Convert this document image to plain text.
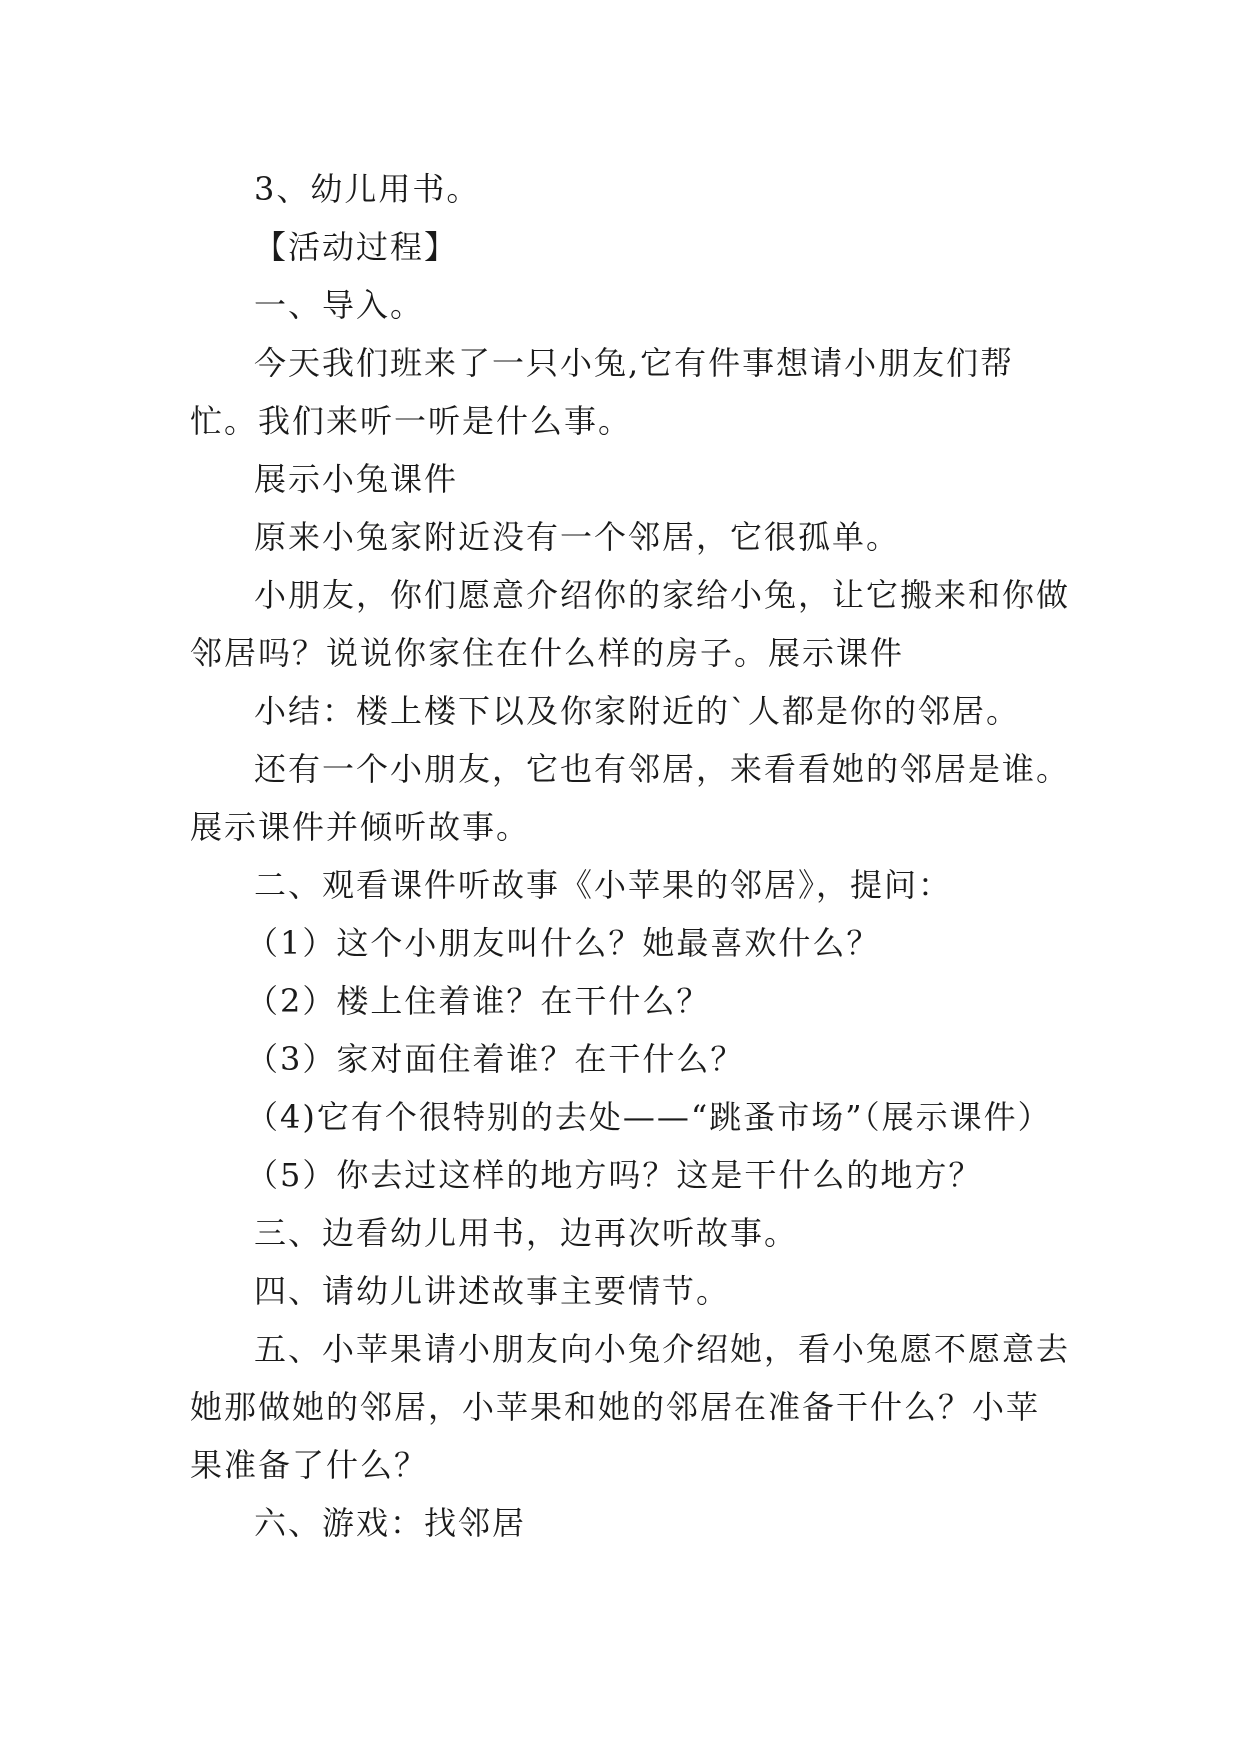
3、幼儿用书。

【活动过程】

一、导入。

今天我们班来了一只小兔,它有件事想请小朋友们帮忙。我们来听一听是什么事。

展示小兔课件

原来小兔家附近没有一个邻居，它很孤单。

小朋友，你们愿意介绍你的家给小兔，让它搬来和你做邻居吗？说说你家住在什么样的房子。展示课件

小结：楼上楼下以及你家附近的`人都是你的邻居。

还有一个小朋友，它也有邻居，来看看她的邻居是谁。展示课件并倾听故事。

二、观看课件听故事《小苹果的邻居》，提问：

（1）这个小朋友叫什么？她最喜欢什么？

（2）楼上住着谁？在干什么？

（3）家对面住着谁？在干什么？

（4)它有个很特别的去处——“跳蚤市场”（展示课件）

（5）你去过这样的地方吗？这是干什么的地方？

三、边看幼儿用书，边再次听故事。

四、请幼儿讲述故事主要情节。

五、小苹果请小朋友向小兔介绍她，看小兔愿不愿意去她那做她的邻居，小苹果和她的邻居在准备干什么？小苹果准备了什么？

六、游戏：找邻居
